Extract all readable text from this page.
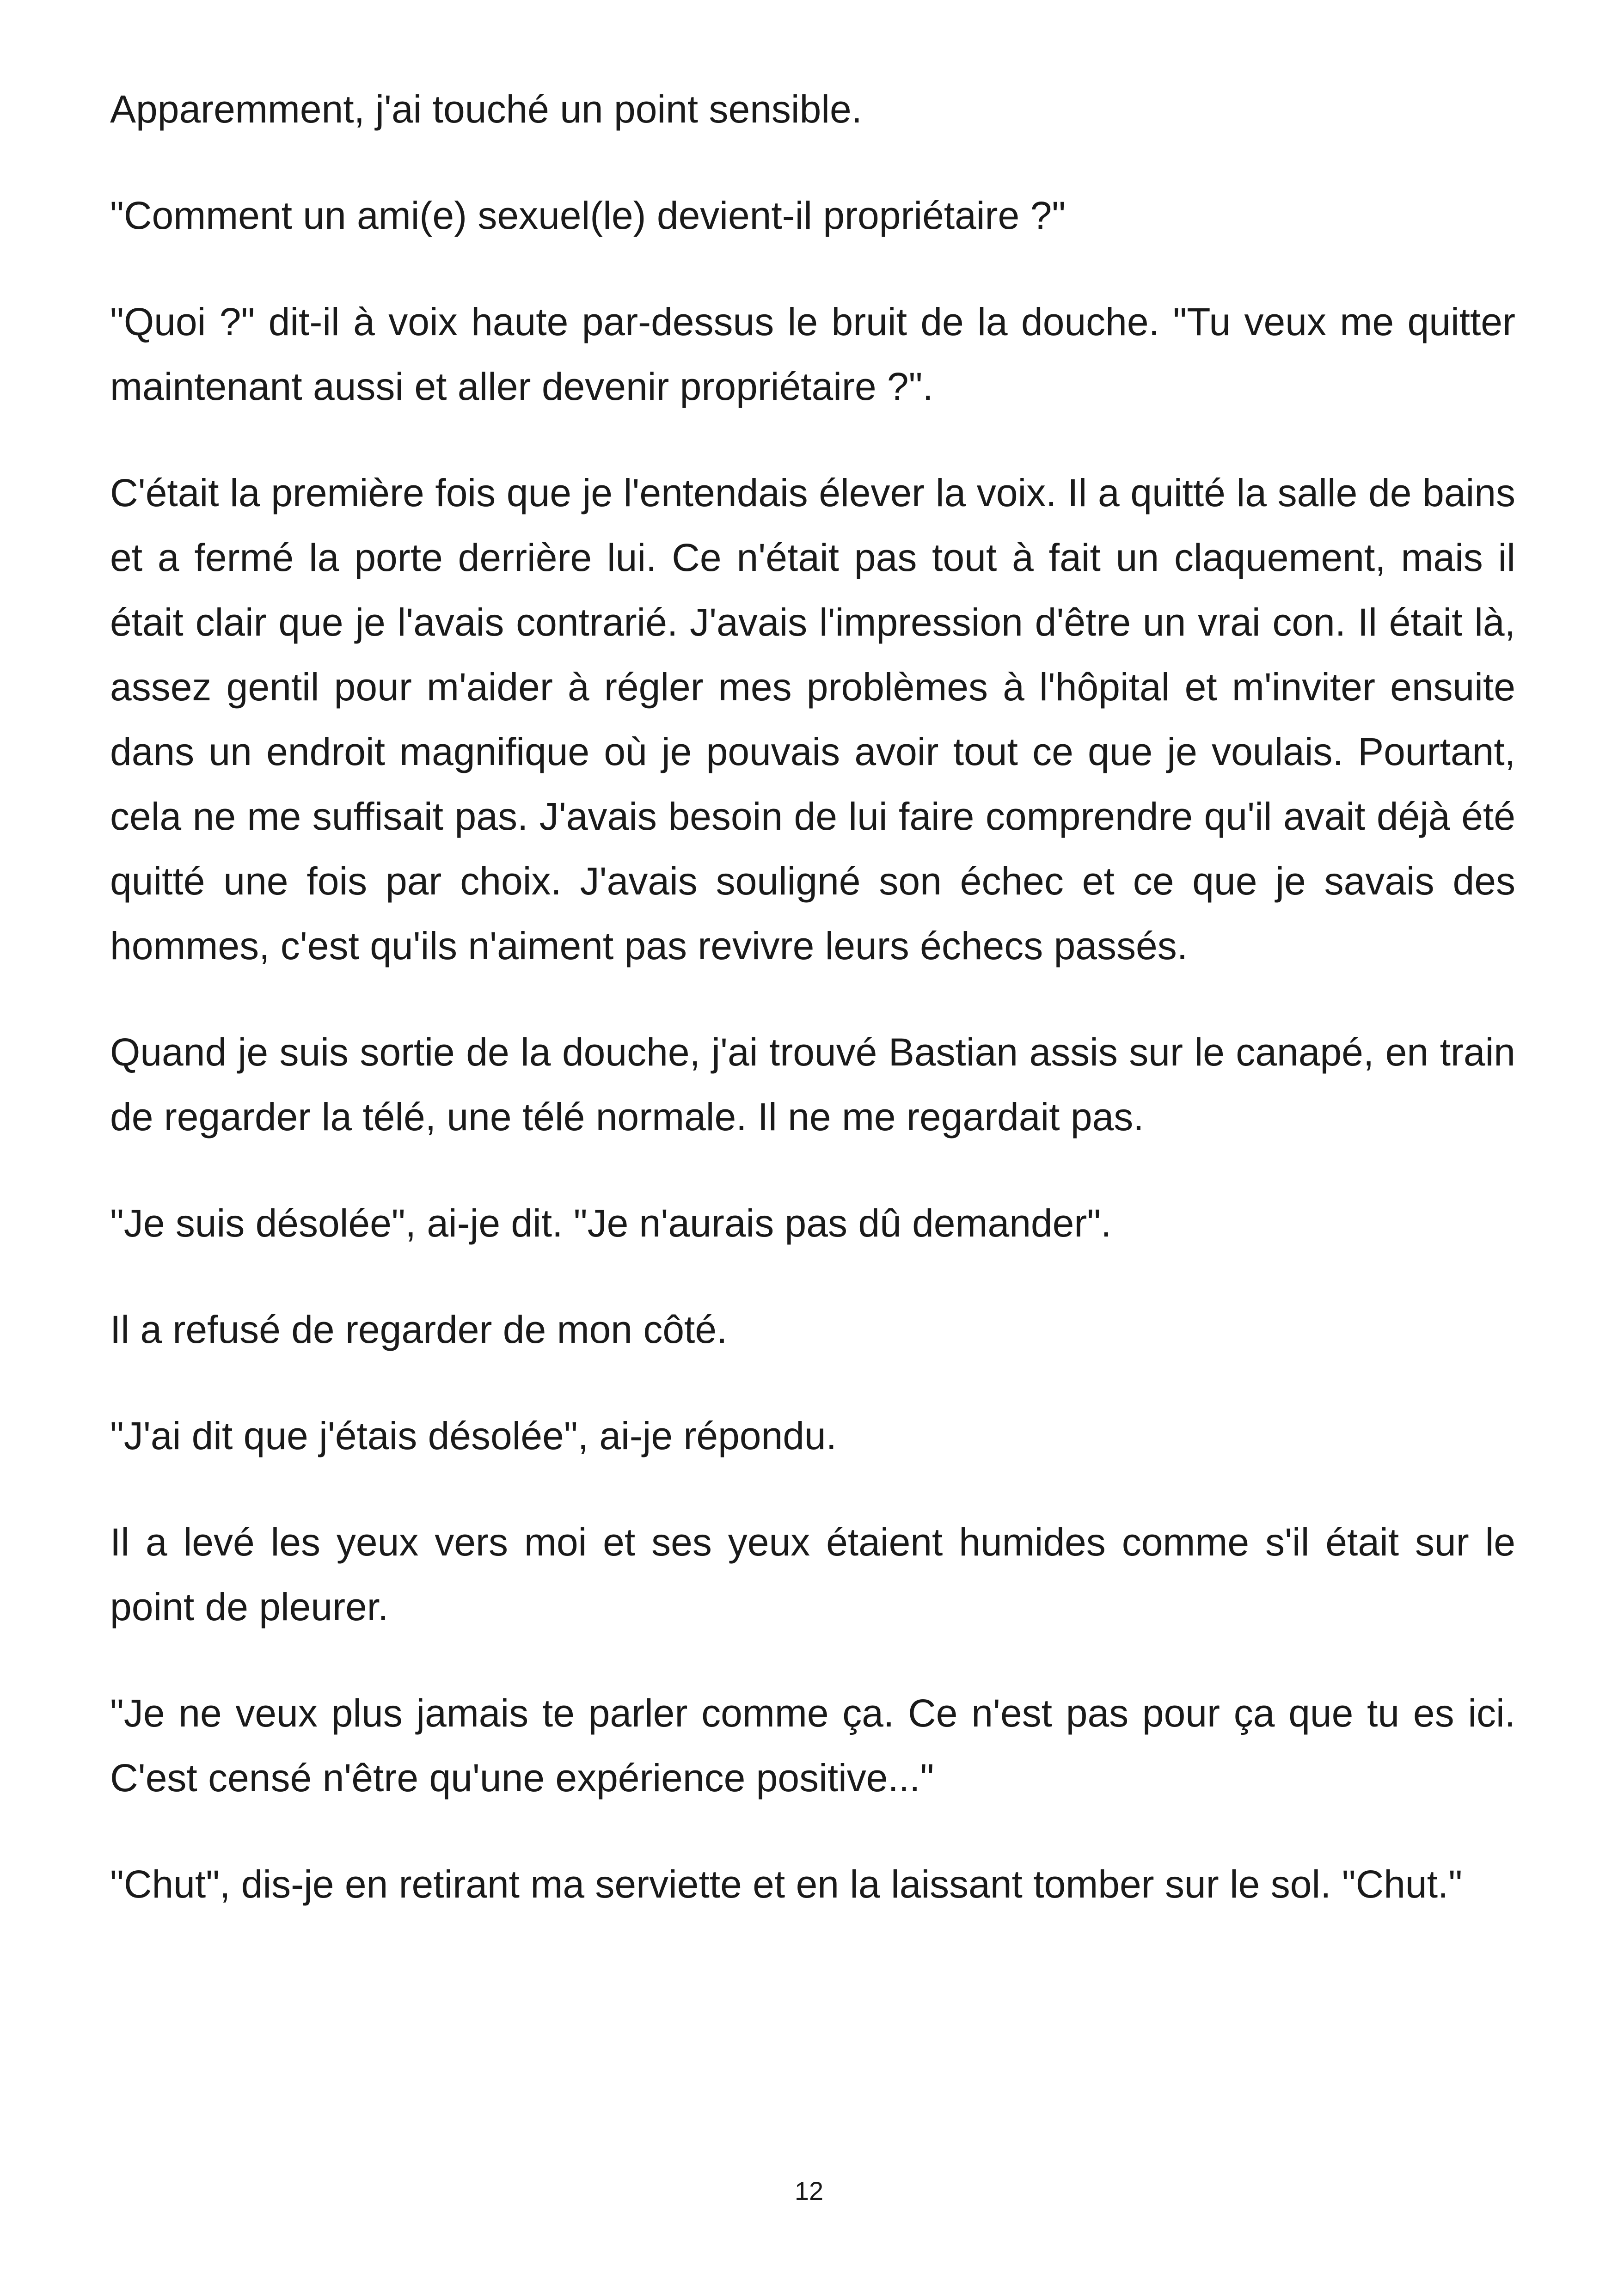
Apparemment, j'ai touché un point sensible.

"Comment un ami(e) sexuel(le) devient-il propriétaire ?"

"Quoi ?" dit-il à voix haute par-dessus le bruit de la douche. "Tu veux me quitter maintenant aussi et aller devenir propriétaire ?".

C'était la première fois que je l'entendais élever la voix. Il a quitté la salle de bains et a fermé la porte derrière lui. Ce n'était pas tout à fait un claquement, mais il était clair que je l'avais contrarié. J'avais l'impression d'être un vrai con. Il était là, assez gentil pour m'aider à régler mes problèmes à l'hôpital et m'inviter ensuite dans un endroit magnifique où je pouvais avoir tout ce que je voulais. Pourtant, cela ne me suffisait pas. J'avais besoin de lui faire comprendre qu'il avait déjà été quitté une fois par choix. J'avais souligné son échec et ce que je savais des hommes, c'est qu'ils n'aiment pas revivre leurs échecs passés.

Quand je suis sortie de la douche, j'ai trouvé Bastian assis sur le canapé, en train de regarder la télé, une télé normale. Il ne me regardait pas.

"Je suis désolée", ai-je dit. "Je n'aurais pas dû demander".

Il a refusé de regarder de mon côté.

"J'ai dit que j'étais désolée", ai-je répondu.

Il a levé les yeux vers moi et ses yeux étaient humides comme s'il était sur le point de pleurer.

"Je ne veux plus jamais te parler comme ça. Ce n'est pas pour ça que tu es ici. C'est censé n'être qu'une expérience positive..."

"Chut", dis-je en retirant ma serviette et en la laissant tomber sur le sol. "Chut."

12
